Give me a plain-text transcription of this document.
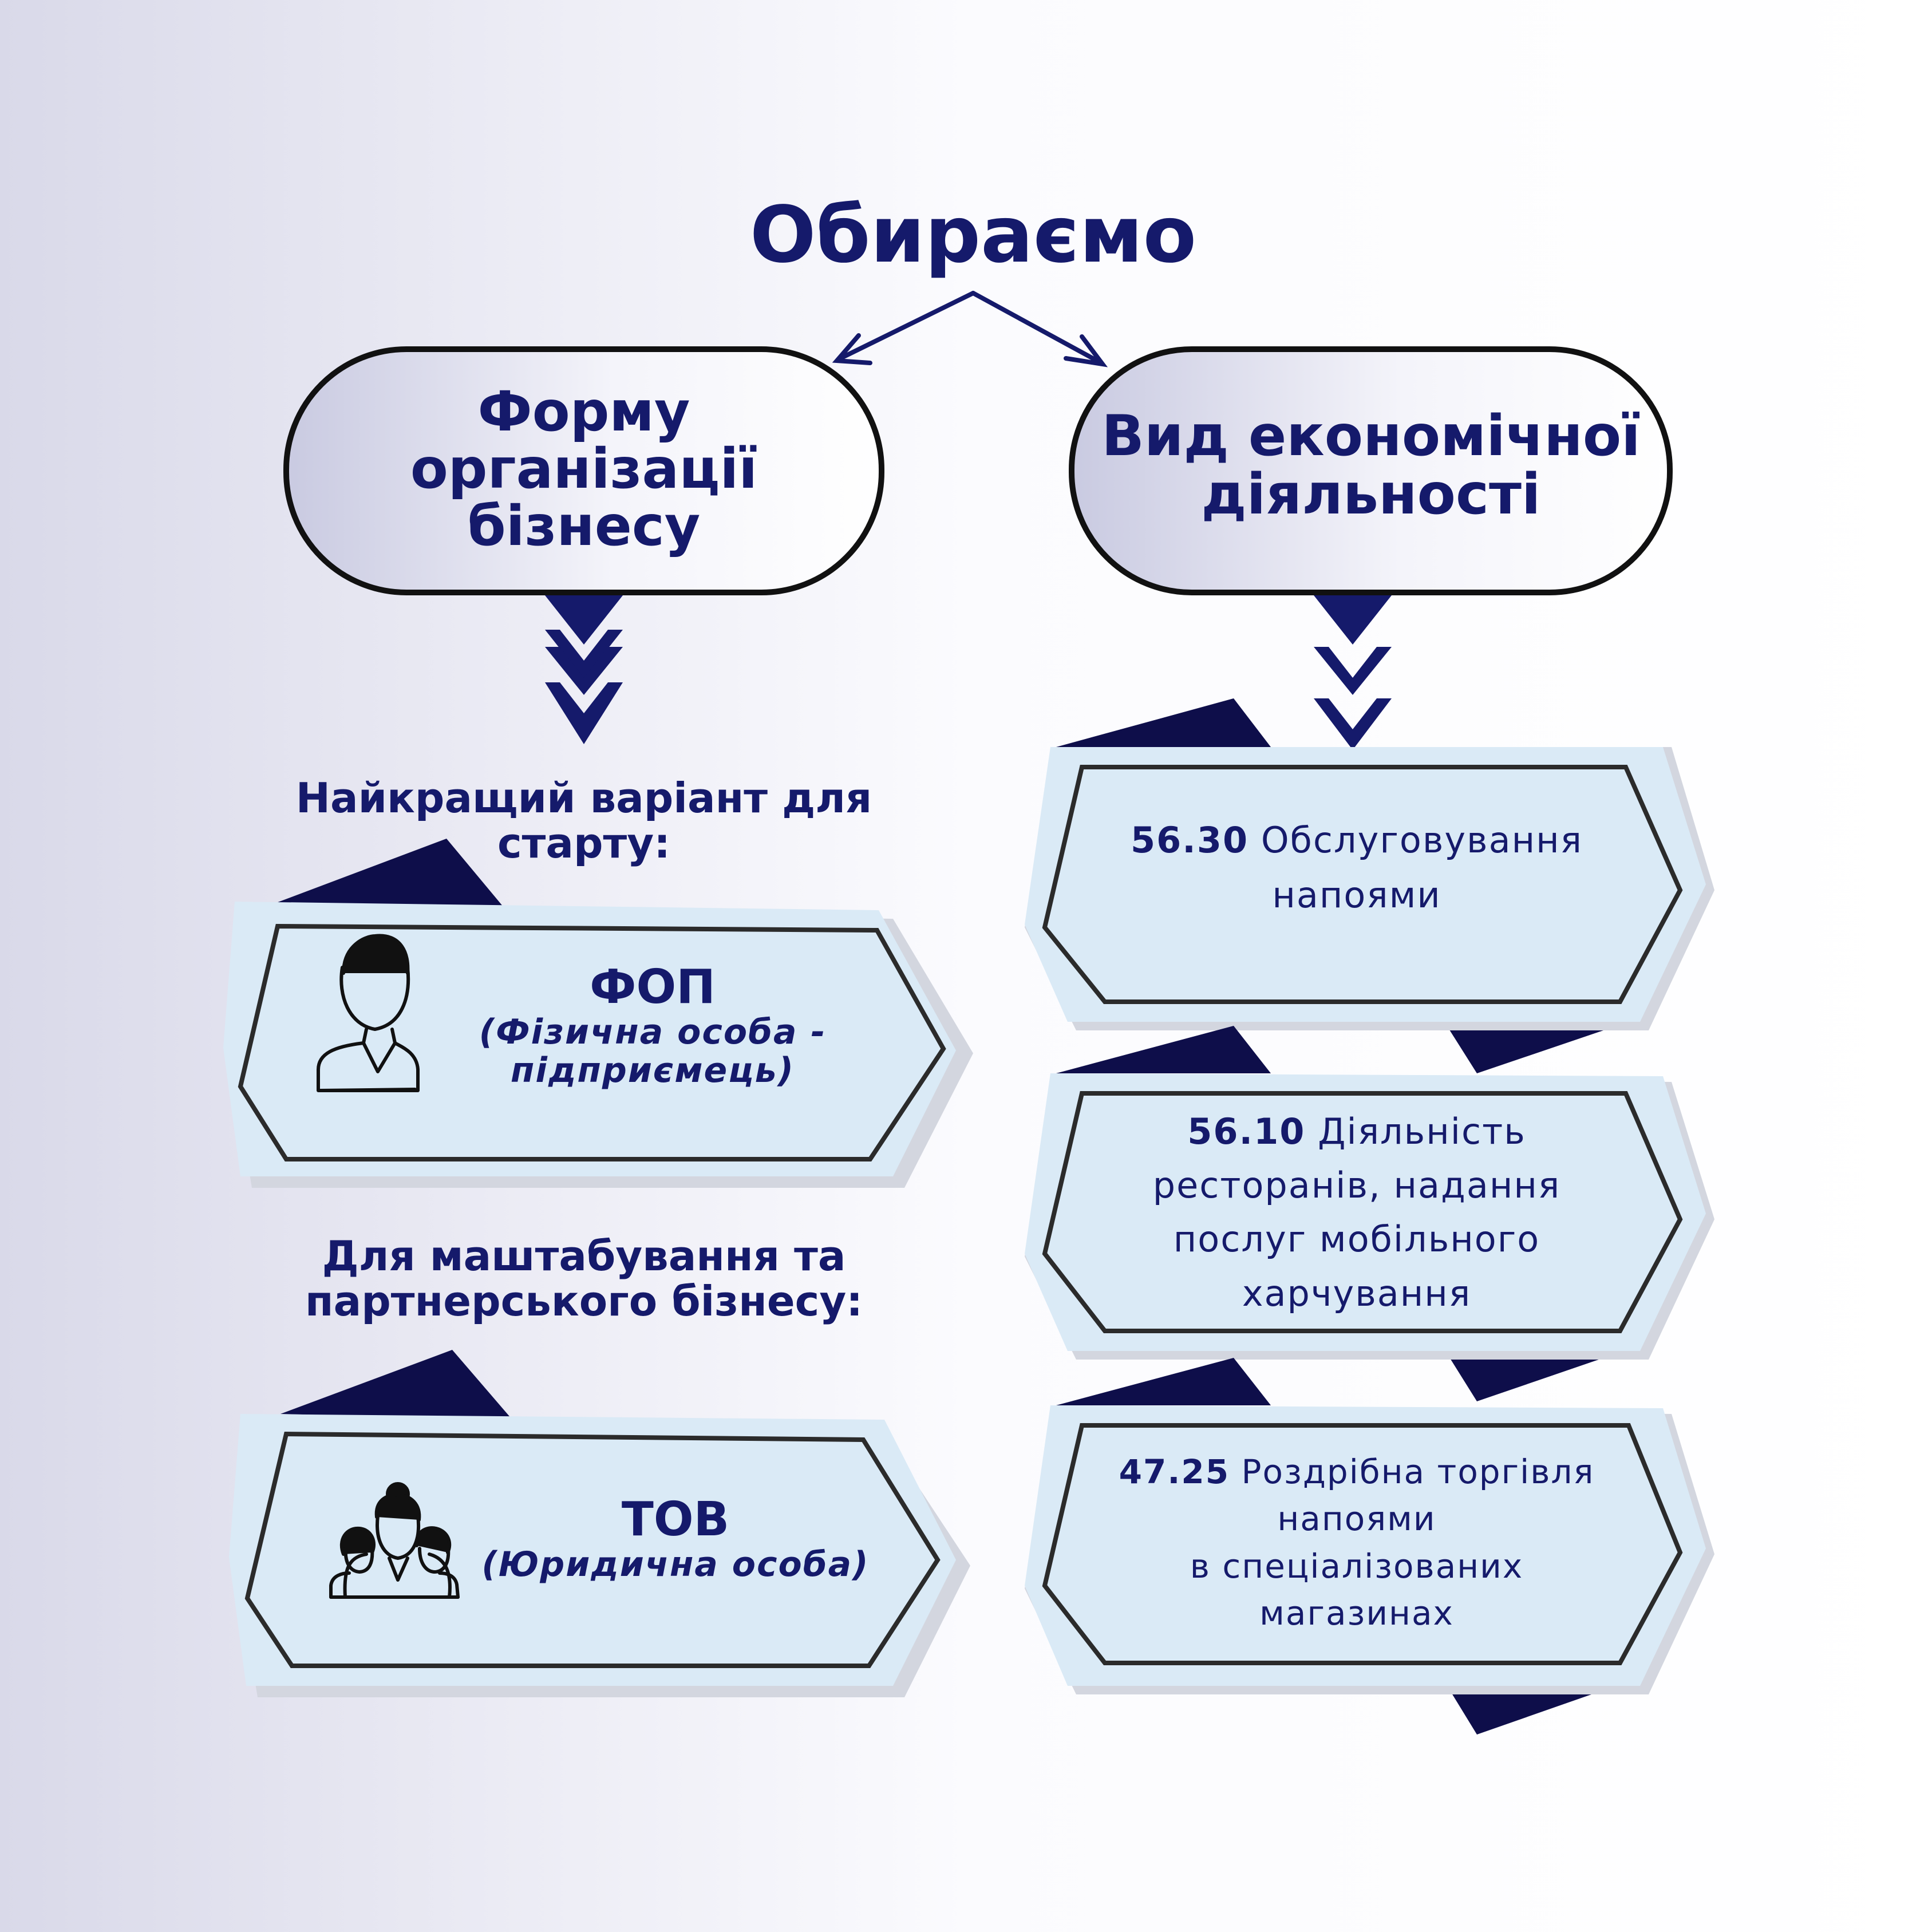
Обираємо
Форму
організації
бізнесу
Вид економічної
діяльності
Найкращий варіант для
старту:
ФОП
(Фізична особа -
підприємець)
Для маштабування та
партнерського бізнесу:
ТОВ
(Юридична особа)
56.30 Обслуговування
напоями
56.10 Діяльність
ресторанів, надання
послуг мобільного
харчування
47.25 Роздрібна торгівля
напоями
в спеціалізованих
магазинах
